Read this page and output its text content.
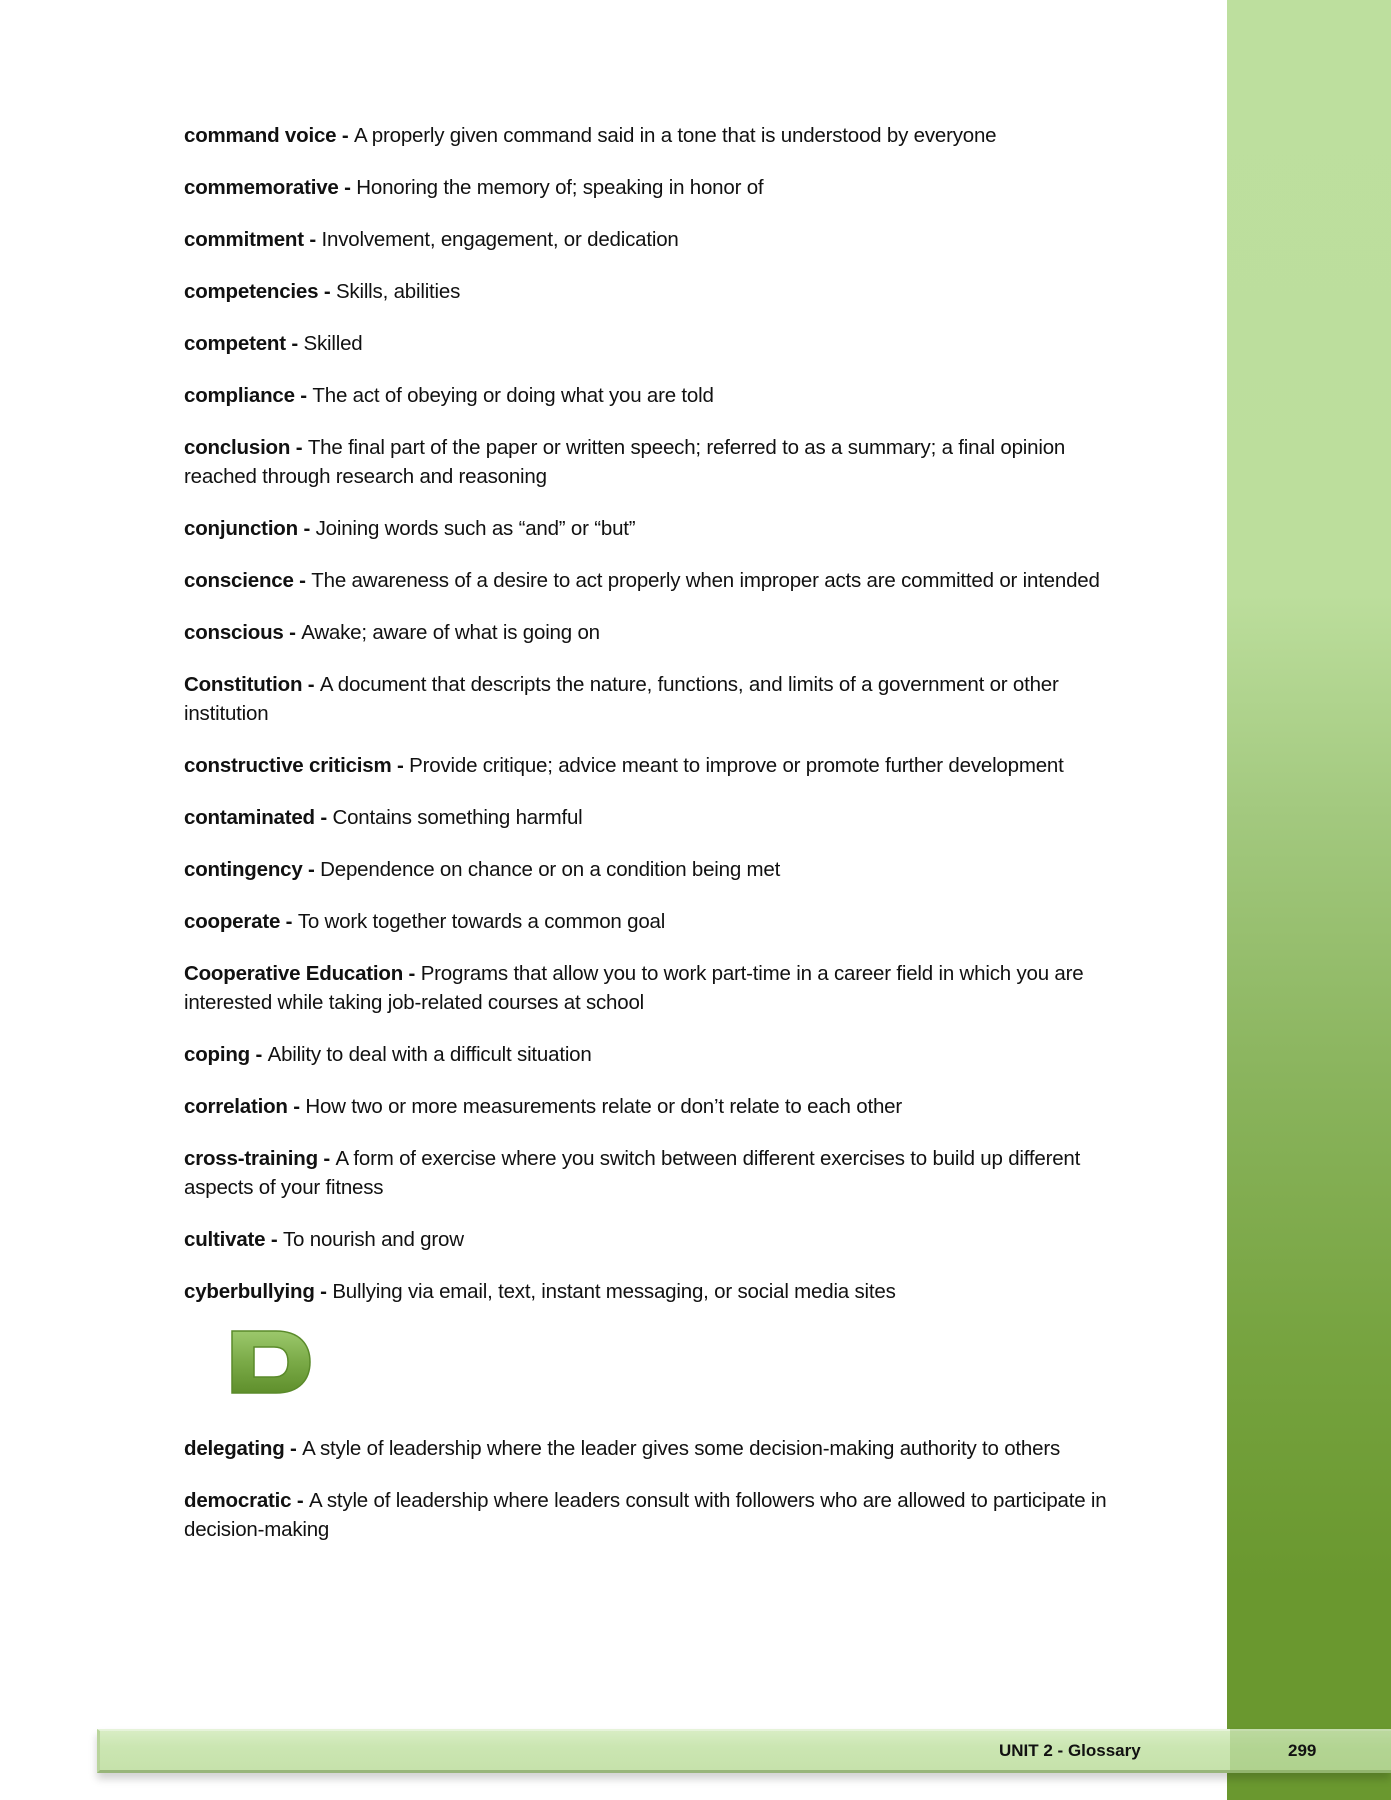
command voice - A properly given command said in a tone that is understood by everyone

commemorative - Honoring the memory of; speaking in honor of

commitment - Involvement, engagement, or dedication

competencies - Skills, abilities

competent - Skilled

compliance - The act of obeying or doing what you are told

conclusion - The final part of the paper or written speech; referred to as a summary; a final opinion reached through research and reasoning

conjunction - Joining words such as “and” or “but”

conscience - The awareness of a desire to act properly when improper acts are committed or intended

conscious - Awake; aware of what is going on

Constitution - A document that descripts the nature, functions, and limits of a government or other institution

constructive criticism - Provide critique; advice meant to improve or promote further development

contaminated - Contains something harmful

contingency - Dependence on chance or on a condition being met

cooperate - To work together towards a common goal

Cooperative Education - Programs that allow you to work part-time in a career field in which you are interested while taking job-related courses at school

coping - Ability to deal with a difficult situation

correlation - How two or more measurements relate or don’t relate to each other

cross-training - A form of exercise where you switch between different exercises to build up different aspects of your fitness

cultivate - To nourish and grow

cyberbullying - Bullying via email, text, instant messaging, or social media sites

delegating - A style of leadership where the leader gives some decision-making authority to others

democratic - A style of leadership where leaders consult with followers who are allowed to participate in decision-making

UNIT 2 - Glossary	299
